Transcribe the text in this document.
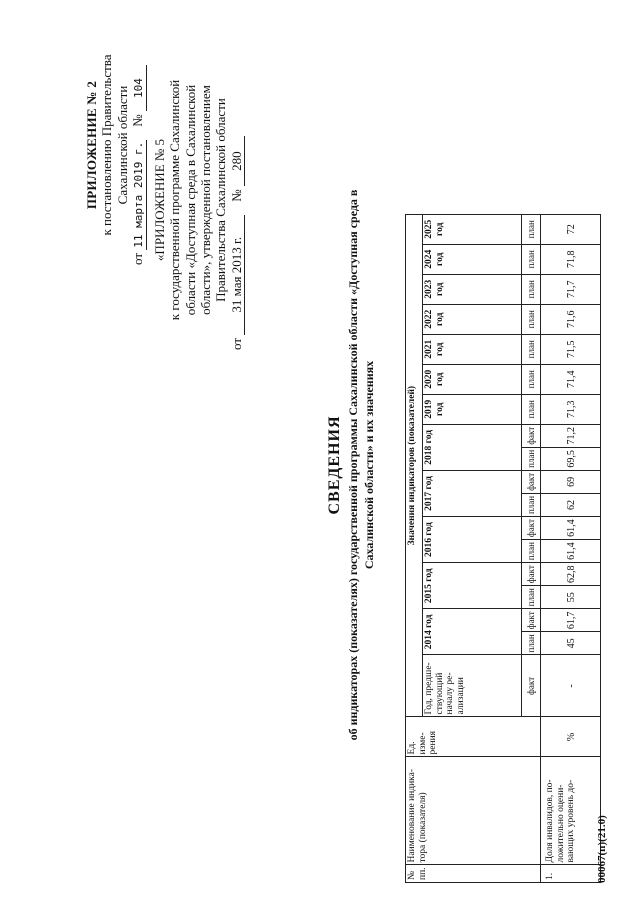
ПРИЛОЖЕНИЕ № 2 к постановлению Правительства Сахалинской области
от 11 марта 2019 г.    № 104
«ПРИЛОЖЕНИЕ № 5 к государственной программе Сахалинской области «Доступная среда в Сахалинской области», утвержденной постановлением Правительства Сахалинской области
от 31 мая 2013 г.    № 280
СВЕДЕНИЯ об индикаторах (показателях) государственной программы Сахалинской области «Доступная среда в Сахалинской области» и их значениях
№ пп.	Наименование индика-тора (показателя)	Ед. изме-рения	Значения индикаторов (показателей)																	
			Год, предше-ствующий началу ре-ализации	2014 год		2015 год		2016 год		2017 год		2018 год		2019 год	2020 год	2021 год	2022 год	2023 год	2024 год	2025 год
			факт	план	факт	план	факт	план	факт	план	факт	план	факт	план	план	план	план	план	план	план
1.	Доля инвалидов, по-ложительно оцени-вающих уровень до-	%	-	45	61,7	55	62,8	61,4	61,4	62	69	69,5	71,2	71,3	71,4	71,5	71,6	71,7	71,8	72
00067(п)(21.0)
